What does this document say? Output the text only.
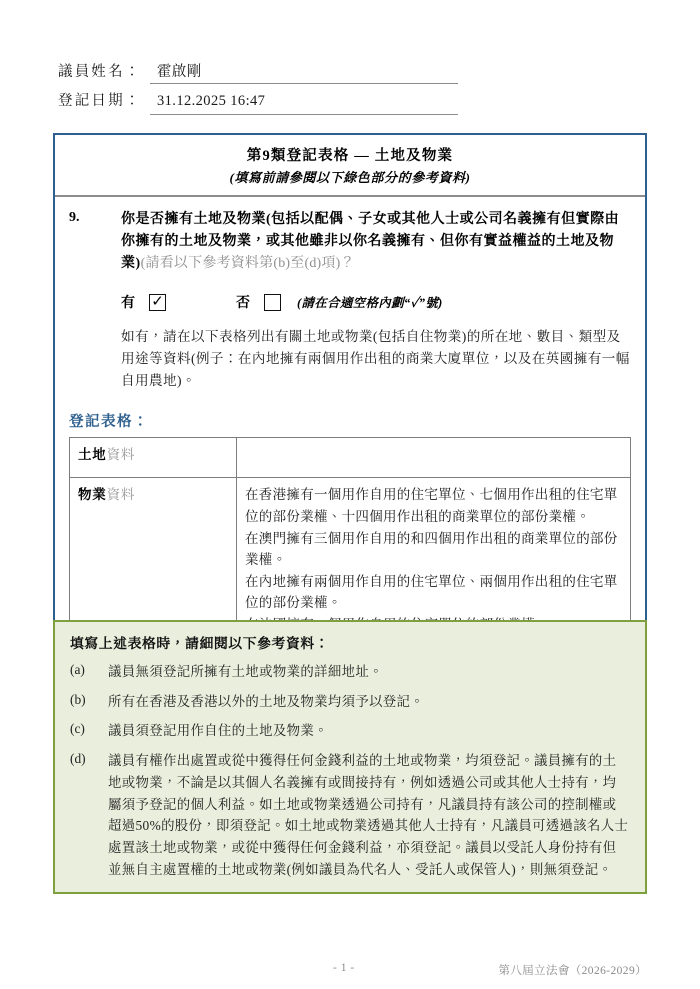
議員姓名：	霍啟剛
登記日期：	31.12.2025 16:47
第9類登記表格 — 土地及物業
(填寫前請參閱以下綠色部分的參考資料)
9.	你是否擁有土地及物業(包括以配偶、子女或其他人士或公司名義擁有但實際由你擁有的土地及物業，或其他雖非以你名義擁有、但你有實益權益的土地及物業)(請看以下參考資料第(b)至(d)項)？
有 ✓	否	(請在合適空格內劃“✓”號)
如有，請在以下表格列出有關土地或物業(包括自住物業)的所在地、數目、類型及用途等資料(例子：在內地擁有兩個用作出租的商業大廈單位，以及在英國擁有一幅自用農地)。
登記表格：
土地資料	
物業資料	在香港擁有一個用作自用的住宅單位、七個用作出租的住宅單位的部份業權、十四個用作出租的商業單位的部份業權。
在澳門擁有三個用作自用的和四個用作出租的商業單位的部份業權。
在內地擁有兩個用作自用的住宅單位、兩個用作出租的住宅單位的部份業權。
填寫上述表格時，請細閱以下參考資料：
(a)	議員無須登記所擁有土地或物業的詳細地址。
(b)	所有在香港及香港以外的土地及物業均須予以登記。
(c)	議員須登記用作自住的土地及物業。
(d)	議員有權作出處置或從中獲得任何金錢利益的土地或物業，均須登記。議員擁有的土地或物業，不論是以其個人名義擁有或間接持有，例如透過公司或其他人士持有，均屬須予登記的個人利益。如土地或物業透過公司持有，凡議員持有該公司的控制權或超過50%的股份，即須登記。如土地或物業透過其他人士持有，凡議員可透過該名人士處置該土地或物業，或從中獲得任何金錢利益，亦須登記。議員以受託人身份持有但並無自主處置權的土地或物業(例如議員為代名人、受託人或保管人)，則無須登記。
- 1 -	第八屆立法會（2026-2029）
